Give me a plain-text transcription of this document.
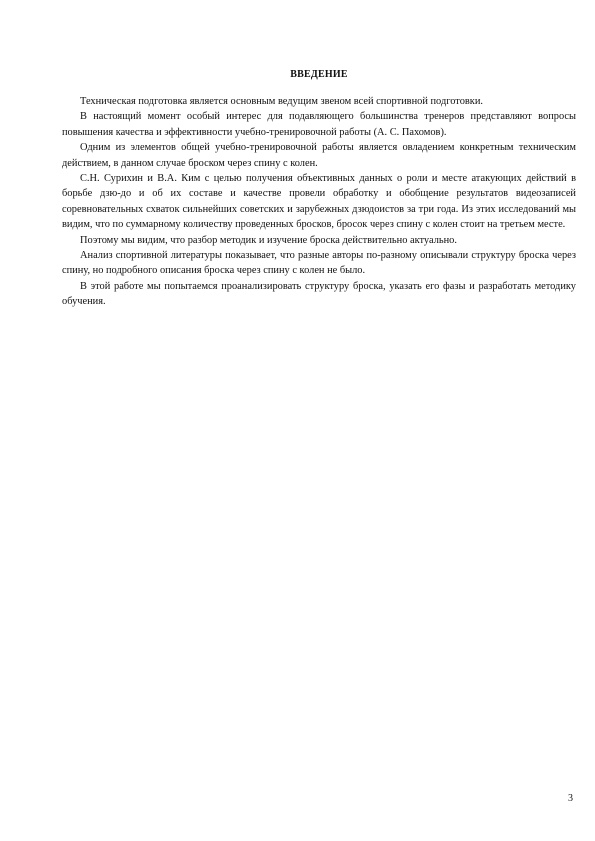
ВВЕДЕНИЕ

Техническая подготовка является основным ведущим звеном всей спортивной подготовки.

В настоящий момент особый интерес для подавляющего большинства тренеров представляют вопросы повышения качества и эффективности учебно-тренировочной работы (А. С. Пахомов).

Одним из элементов общей учебно-тренировочной работы является овладением конкретным техническим действием, в данном случае броском через спину с колен.

С.Н. Сурихин и В.А. Ким с целью получения объективных данных о роли и месте атакующих действий в борьбе дзю-до и об их составе и качестве провели обработку и обобщение результатов видеозаписей соревновательных схваток сильнейших советских и зарубежных дзюдоистов за три года. Из этих исследований мы видим, что по суммарному количеству проведенных бросков, бросок через спину с колен стоит на третьем месте.

Поэтому мы видим, что разбор методик и изучение броска действительно актуально.

Анализ спортивной литературы показывает, что разные авторы по-разному описывали структуру броска через спину, но подробного описания броска через спину с колен не было.

В этой работе мы попытаемся проанализировать структуру броска, указать его фазы и разработать методику обучения.

3
